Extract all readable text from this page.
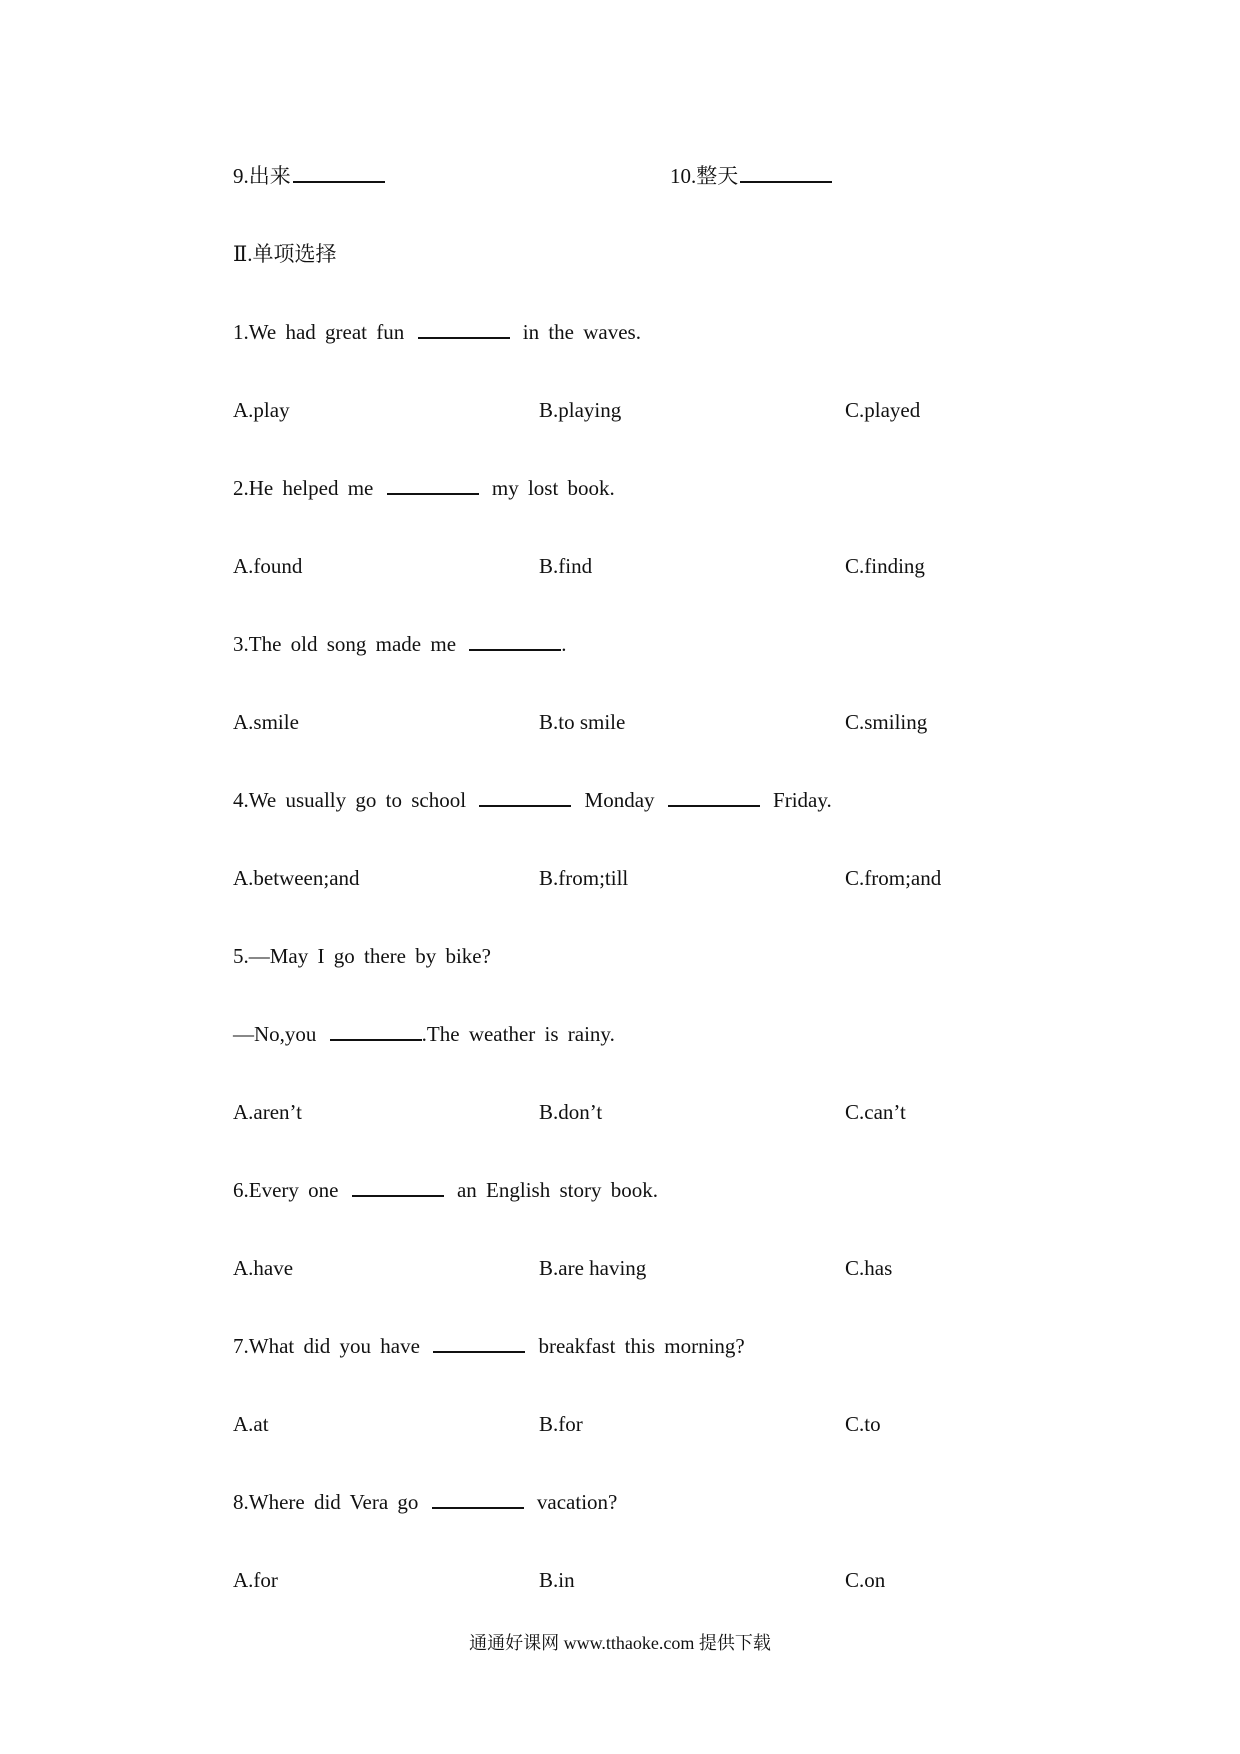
9.出来	10.整天
Ⅱ.单项选择
1.We had great fun	in the waves.
A.play	B.playing	C.played
2.He helped me	my lost book.
A.found	B.find	C.finding
3.The old song made me	.
A.smile	B.to smile	C.smiling
4.We usually go to school	Monday	Friday.
A.between;and	B.from;till	C.from;and
5.—May I go there by bike?
—No,you	.The weather is rainy.
A.aren’t	B.don’t	C.can’t
6.Every one	an English story book.
A.have	B.are having	C.has
7.What did you have	breakfast this morning?
A.at	B.for	C.to
8.Where did Vera go	vacation?
A.for	B.in	C.on
通通好课网 www.tthaoke.com 提供下载
